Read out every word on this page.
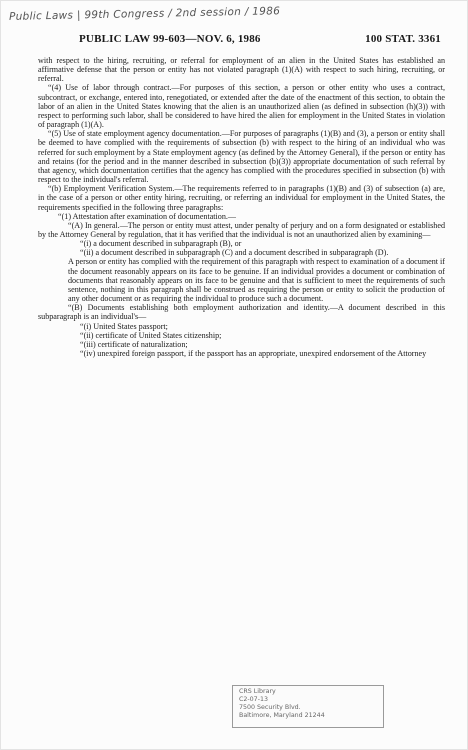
Public Laws | 99th Congress / 2nd session / 1986
PUBLIC LAW 99-603—NOV. 6, 1986	100 STAT. 3361

with respect to the hiring, recruiting, or referral for employment of an alien in the United States has established an affirmative defense that the person or entity has not violated paragraph (1)(A) with respect to such hiring, recruiting, or referral.

“(4) Use of labor through contract.—For purposes of this section, a person or other entity who uses a contract, subcontract, or exchange, entered into, renegotiated, or extended after the date of the enactment of this section, to obtain the labor of an alien in the United States knowing that the alien is an unauthorized alien (as defined in subsection (h)(3)) with respect to performing such labor, shall be considered to have hired the alien for employment in the United States in violation of paragraph (1)(A).

“(5) Use of state employment agency documentation.—For purposes of paragraphs (1)(B) and (3), a person or entity shall be deemed to have complied with the requirements of subsection (b) with respect to the hiring of an individual who was referred for such employment by a State employment agency (as defined by the Attorney General), if the person or entity has and retains (for the period and in the manner described in subsection (b)(3)) appropriate documentation of such referral by that agency, which documentation certifies that the agency has complied with the procedures specified in subsection (b) with respect to the individual's referral.

“(b) Employment Verification System.—The requirements referred to in paragraphs (1)(B) and (3) of subsection (a) are, in the case of a person or other entity hiring, recruiting, or referring an individual for employment in the United States, the requirements specified in the following three paragraphs:

“(1) Attestation after examination of documentation.—

“(A) In general.—The person or entity must attest, under penalty of perjury and on a form designated or established by the Attorney General by regulation, that it has verified that the individual is not an unauthorized alien by examining—

“(i) a document described in subparagraph (B), or

“(ii) a document described in subparagraph (C) and a document described in subparagraph (D).

A person or entity has complied with the requirement of this paragraph with respect to examination of a document if the document reasonably appears on its face to be genuine. If an individual provides a document or combination of documents that reasonably appears on its face to be genuine and that is sufficient to meet the requirements of such sentence, nothing in this paragraph shall be construed as requiring the person or entity to solicit the production of any other document or as requiring the individual to produce such a document.

“(B) Documents establishing both employment authorization and identity.—A document described in this subparagraph is an individual's—

“(i) United States passport;

“(ii) certificate of United States citizenship;

“(iii) certificate of naturalization;

“(iv) unexpired foreign passport, if the passport has an appropriate, unexpired endorsement of the Attorney

CRS Library
C2-07-13
7500 Security Blvd.
Baltimore, Maryland 21244
